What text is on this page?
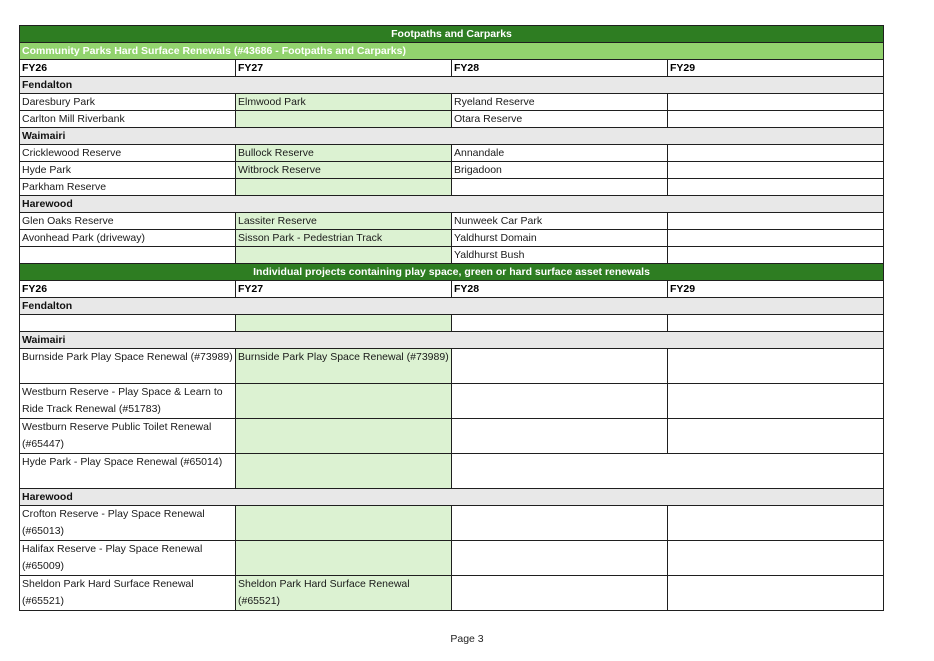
Footpaths and Carparks			
Community Parks Hard Surface Renewals (#43686 - Footpaths and Carparks)			
FY26	FY27	FY28	FY29
Fendalton			
Daresbury Park	Elmwood Park	Ryeland Reserve	
Carlton Mill Riverbank		Otara Reserve	
Waimairi			
Cricklewood Reserve	Bullock Reserve	Annandale	
Hyde Park	Witbrock Reserve	Brigadoon	
Parkham Reserve			
Harewood			
Glen Oaks Reserve	Lassiter Reserve	Nunweek Car Park	
Avonhead Park (driveway)	Sisson Park - Pedestrian Track	Yaldhurst Domain	
		Yaldhurst Bush	
Individual projects containing play space, green or hard surface asset renewals			
FY26	FY27	FY28	FY29
Fendalton			

Waimairi			
Burnside Park Play Space Renewal (#73989)	Burnside Park Play Space Renewal (#73989)		
Westburn Reserve - Play Space & Learn to Ride Track Renewal (#51783)			
Westburn Reserve Public Toilet Renewal (#65447)			
Hyde Park - Play Space Renewal (#65014)			
Harewood			
Crofton Reserve - Play Space Renewal (#65013)			
Halifax Reserve - Play Space Renewal (#65009)			
Sheldon Park Hard Surface Renewal (#65521)	Sheldon Park Hard Surface Renewal (#65521)		
Page 3
